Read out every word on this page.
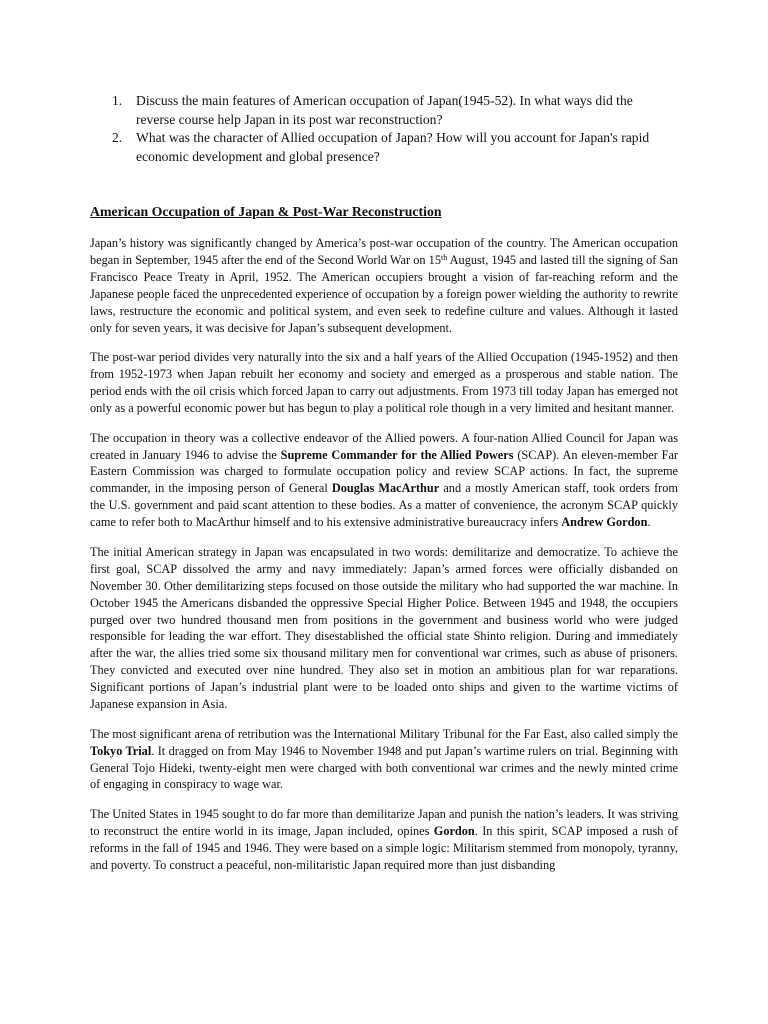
1. Discuss the main features of American occupation of Japan(1945-52). In what ways did the reverse course help Japan in its post war reconstruction?
2. What was the character of Allied occupation of Japan? How will you account for Japan's rapid economic development and global presence?
American Occupation of Japan & Post-War Reconstruction

Japan’s history was significantly changed by America’s post-war occupation of the country. The American occupation began in September, 1945 after the end of the Second World War on 15th August, 1945 and lasted till the signing of San Francisco Peace Treaty in April, 1952. The American occupiers brought a vision of far-reaching reform and the Japanese people faced the unprecedented experience of occupation by a foreign power wielding the authority to rewrite laws, restructure the economic and political system, and even seek to redefine culture and values. Although it lasted only for seven years, it was decisive for Japan’s subsequent development.

The post-war period divides very naturally into the six and a half years of the Allied Occupation (1945-1952) and then from 1952-1973 when Japan rebuilt her economy and society and emerged as a prosperous and stable nation. The period ends with the oil crisis which forced Japan to carry out adjustments. From 1973 till today Japan has emerged not only as a powerful economic power but has begun to play a political role though in a very limited and hesitant manner.

The occupation in theory was a collective endeavor of the Allied powers. A four-nation Allied Council for Japan was created in January 1946 to advise the Supreme Commander for the Allied Powers (SCAP). An eleven-member Far Eastern Commission was charged to formulate occupation policy and review SCAP actions. In fact, the supreme commander, in the imposing person of General Douglas MacArthur and a mostly American staff, took orders from the U.S. government and paid scant attention to these bodies. As a matter of convenience, the acronym SCAP quickly came to refer both to MacArthur himself and to his extensive administrative bureaucracy infers Andrew Gordon.

The initial American strategy in Japan was encapsulated in two words: demilitarize and democratize. To achieve the first goal, SCAP dissolved the army and navy immediately: Japan’s armed forces were officially disbanded on November 30. Other demilitarizing steps focused on those outside the military who had supported the war machine. In October 1945 the Americans disbanded the oppressive Special Higher Police. Between 1945 and 1948, the occupiers purged over two hundred thousand men from positions in the government and business world who were judged responsible for leading the war effort. They disestablished the official state Shinto religion. During and immediately after the war, the allies tried some six thousand military men for conventional war crimes, such as abuse of prisoners. They convicted and executed over nine hundred. They also set in motion an ambitious plan for war reparations. Significant portions of Japan’s industrial plant were to be loaded onto ships and given to the wartime victims of Japanese expansion in Asia.

The most significant arena of retribution was the International Military Tribunal for the Far East, also called simply the Tokyo Trial. It dragged on from May 1946 to November 1948 and put Japan’s wartime rulers on trial. Beginning with General Tojo Hideki, twenty-eight men were charged with both conventional war crimes and the newly minted crime of engaging in conspiracy to wage war.

The United States in 1945 sought to do far more than demilitarize Japan and punish the nation’s leaders. It was striving to reconstruct the entire world in its image, Japan included, opines Gordon. In this spirit, SCAP imposed a rush of reforms in the fall of 1945 and 1946. They were based on a simple logic: Militarism stemmed from monopoly, tyranny, and poverty. To construct a peaceful, non-militaristic Japan required more than just disbanding
